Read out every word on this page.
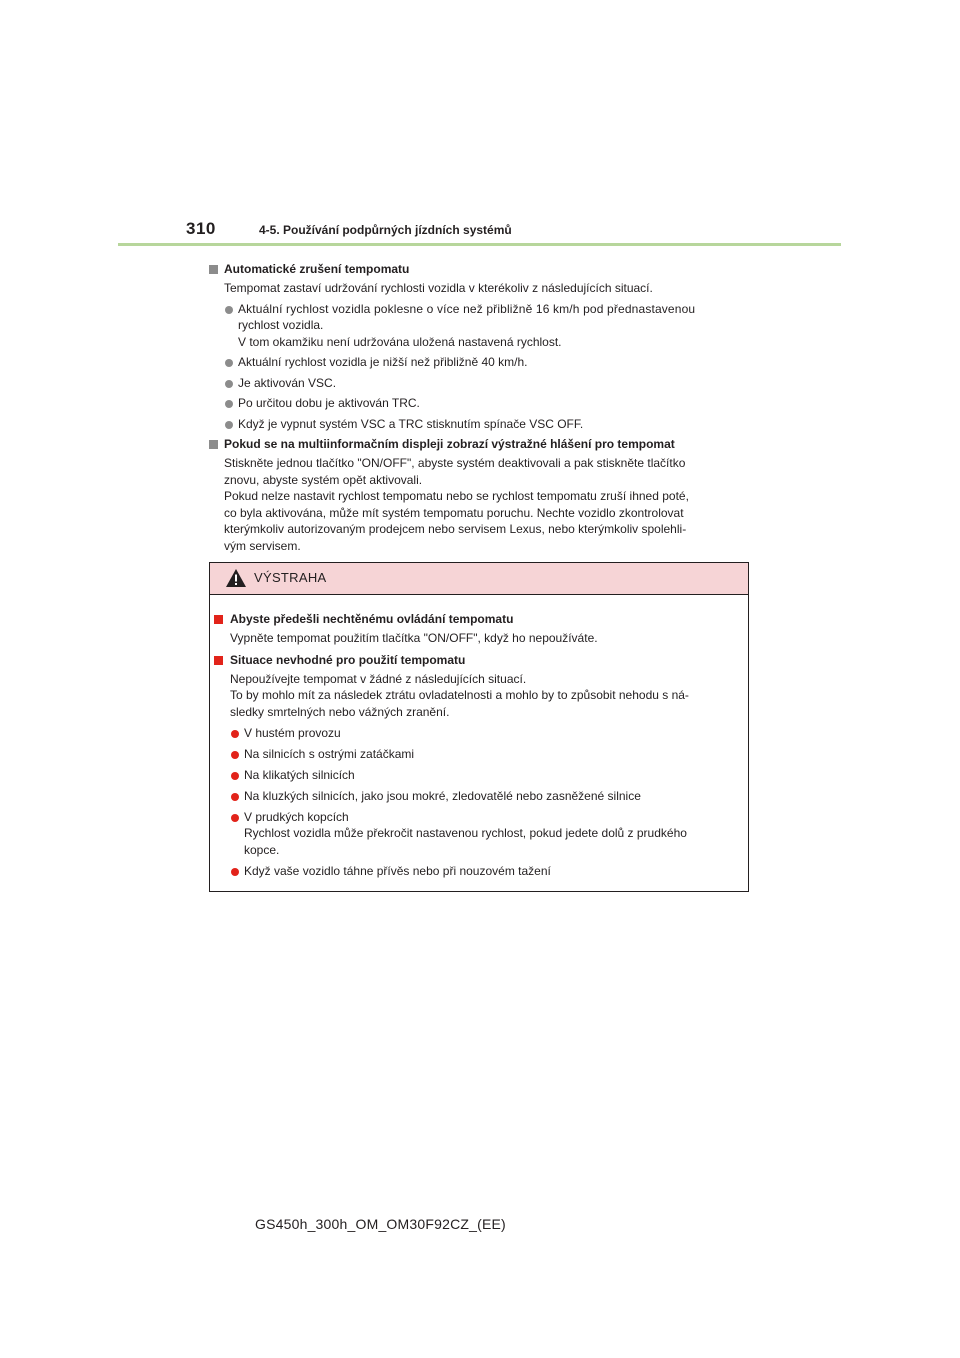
310	4-5. Používání podpůrných jízdních systémů
Automatické zrušení tempomatu
Tempomat zastaví udržování rychlosti vozidla v kterékoliv z následujících situací.
Aktuální rychlost vozidla poklesne o více než přibližně 16 km/h pod přednastavenou
rychlost vozidla.
V tom okamžiku není udržována uložená nastavená rychlost.
Aktuální rychlost vozidla je nižší než přibližně 40 km/h.
Je aktivován VSC.
Po určitou dobu je aktivován TRC.
Když je vypnut systém VSC a TRC stisknutím spínače VSC OFF.
Pokud se na multiinformačním displeji zobrazí výstražné hlášení pro tempomat
Stiskněte jednou tlačítko "ON/OFF", abyste systém deaktivovali a pak stiskněte tlačítko
znovu, abyste systém opět aktivovali.
Pokud nelze nastavit rychlost tempomatu nebo se rychlost tempomatu zruší ihned poté,
co byla aktivována, může mít systém tempomatu poruchu. Nechte vozidlo zkontrolovat
kterýmkoliv autorizovaným prodejcem nebo servisem Lexus, nebo kterýmkoliv spolehli-
vým servisem.
VÝSTRAHA
Abyste předešli nechtěnému ovládání tempomatu
Vypněte tempomat použitím tlačítka "ON/OFF", když ho nepoužíváte.
Situace nevhodné pro použití tempomatu
Nepoužívejte tempomat v žádné z následujících situací.
To by mohlo mít za následek ztrátu ovladatelnosti a mohlo by to způsobit nehodu s ná-
sledky smrtelných nebo vážných zranění.
V hustém provozu
Na silnicích s ostrými zatáčkami
Na klikatých silnicích
Na kluzkých silnicích, jako jsou mokré, zledovatělé nebo zasněžené silnice
V prudkých kopcích
Rychlost vozidla může překročit nastavenou rychlost, pokud jedete dolů z prudkého
kopce.
Když vaše vozidlo táhne přívěs nebo při nouzovém tažení
GS450h_300h_OM_OM30F92CZ_(EE)
